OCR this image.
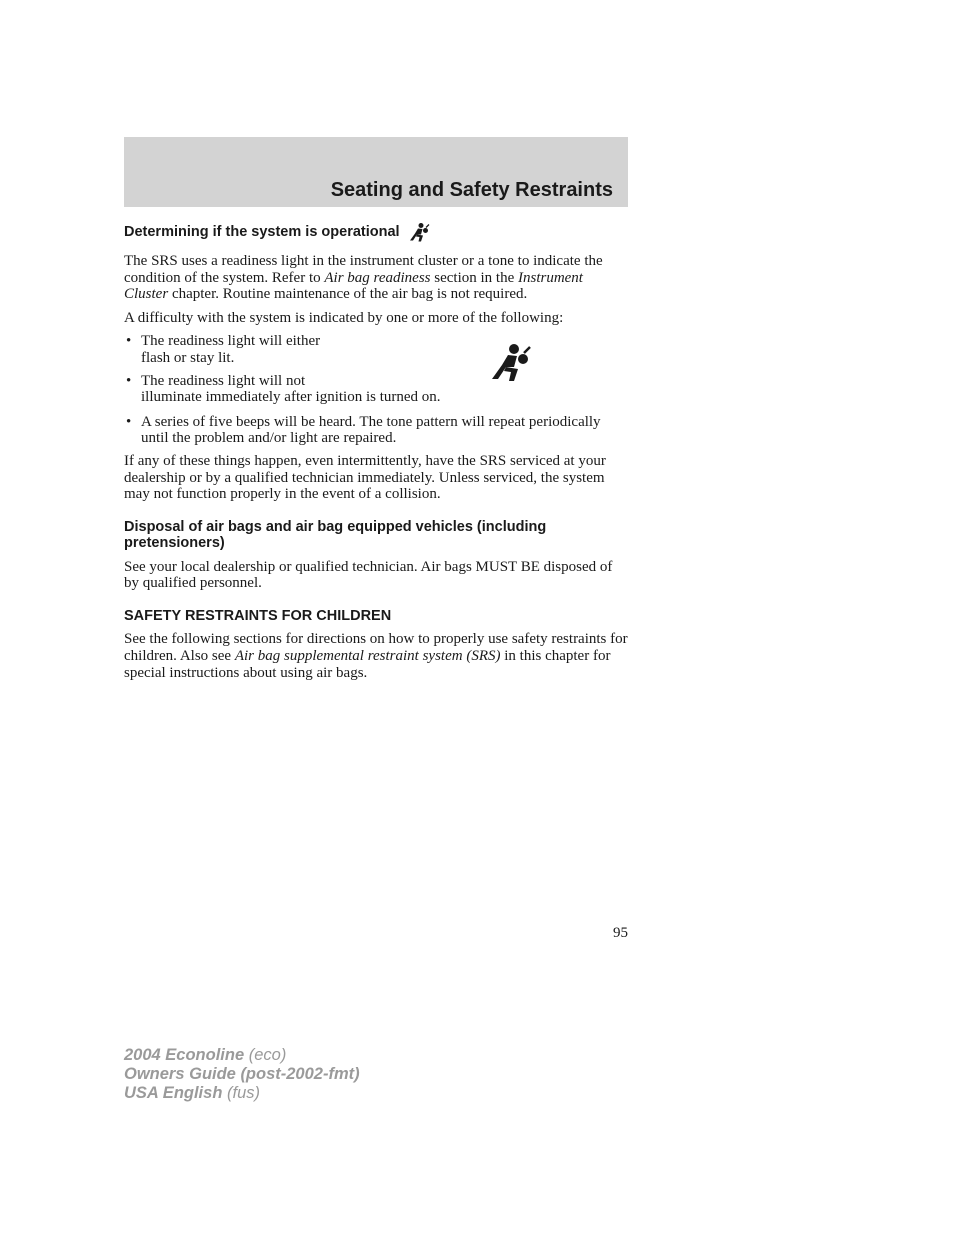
Seating and Safety Restraints
Determining if the system is operational

The SRS uses a readiness light in the instrument cluster or a tone to indicate the condition of the system. Refer to Air bag readiness section in the Instrument Cluster chapter. Routine maintenance of the air bag is not required.

A difficulty with the system is indicated by one or more of the following:

• The readiness light will either
flash or stay lit.
• The readiness light will not
illuminate immediately after ignition is turned on.
• A series of five beeps will be heard. The tone pattern will repeat periodically until the problem and/or light are repaired.

If any of these things happen, even intermittently, have the SRS serviced at your dealership or by a qualified technician immediately. Unless serviced, the system may not function properly in the event of a collision.

Disposal of air bags and air bag equipped vehicles (including pretensioners)

See your local dealership or qualified technician. Air bags MUST BE disposed of by qualified personnel.

SAFETY RESTRAINTS FOR CHILDREN

See the following sections for directions on how to properly use safety restraints for children. Also see Air bag supplemental restraint system (SRS) in this chapter for special instructions about using air bags.

95
2004 Econoline (eco)
Owners Guide (post-2002-fmt)
USA English (fus)
